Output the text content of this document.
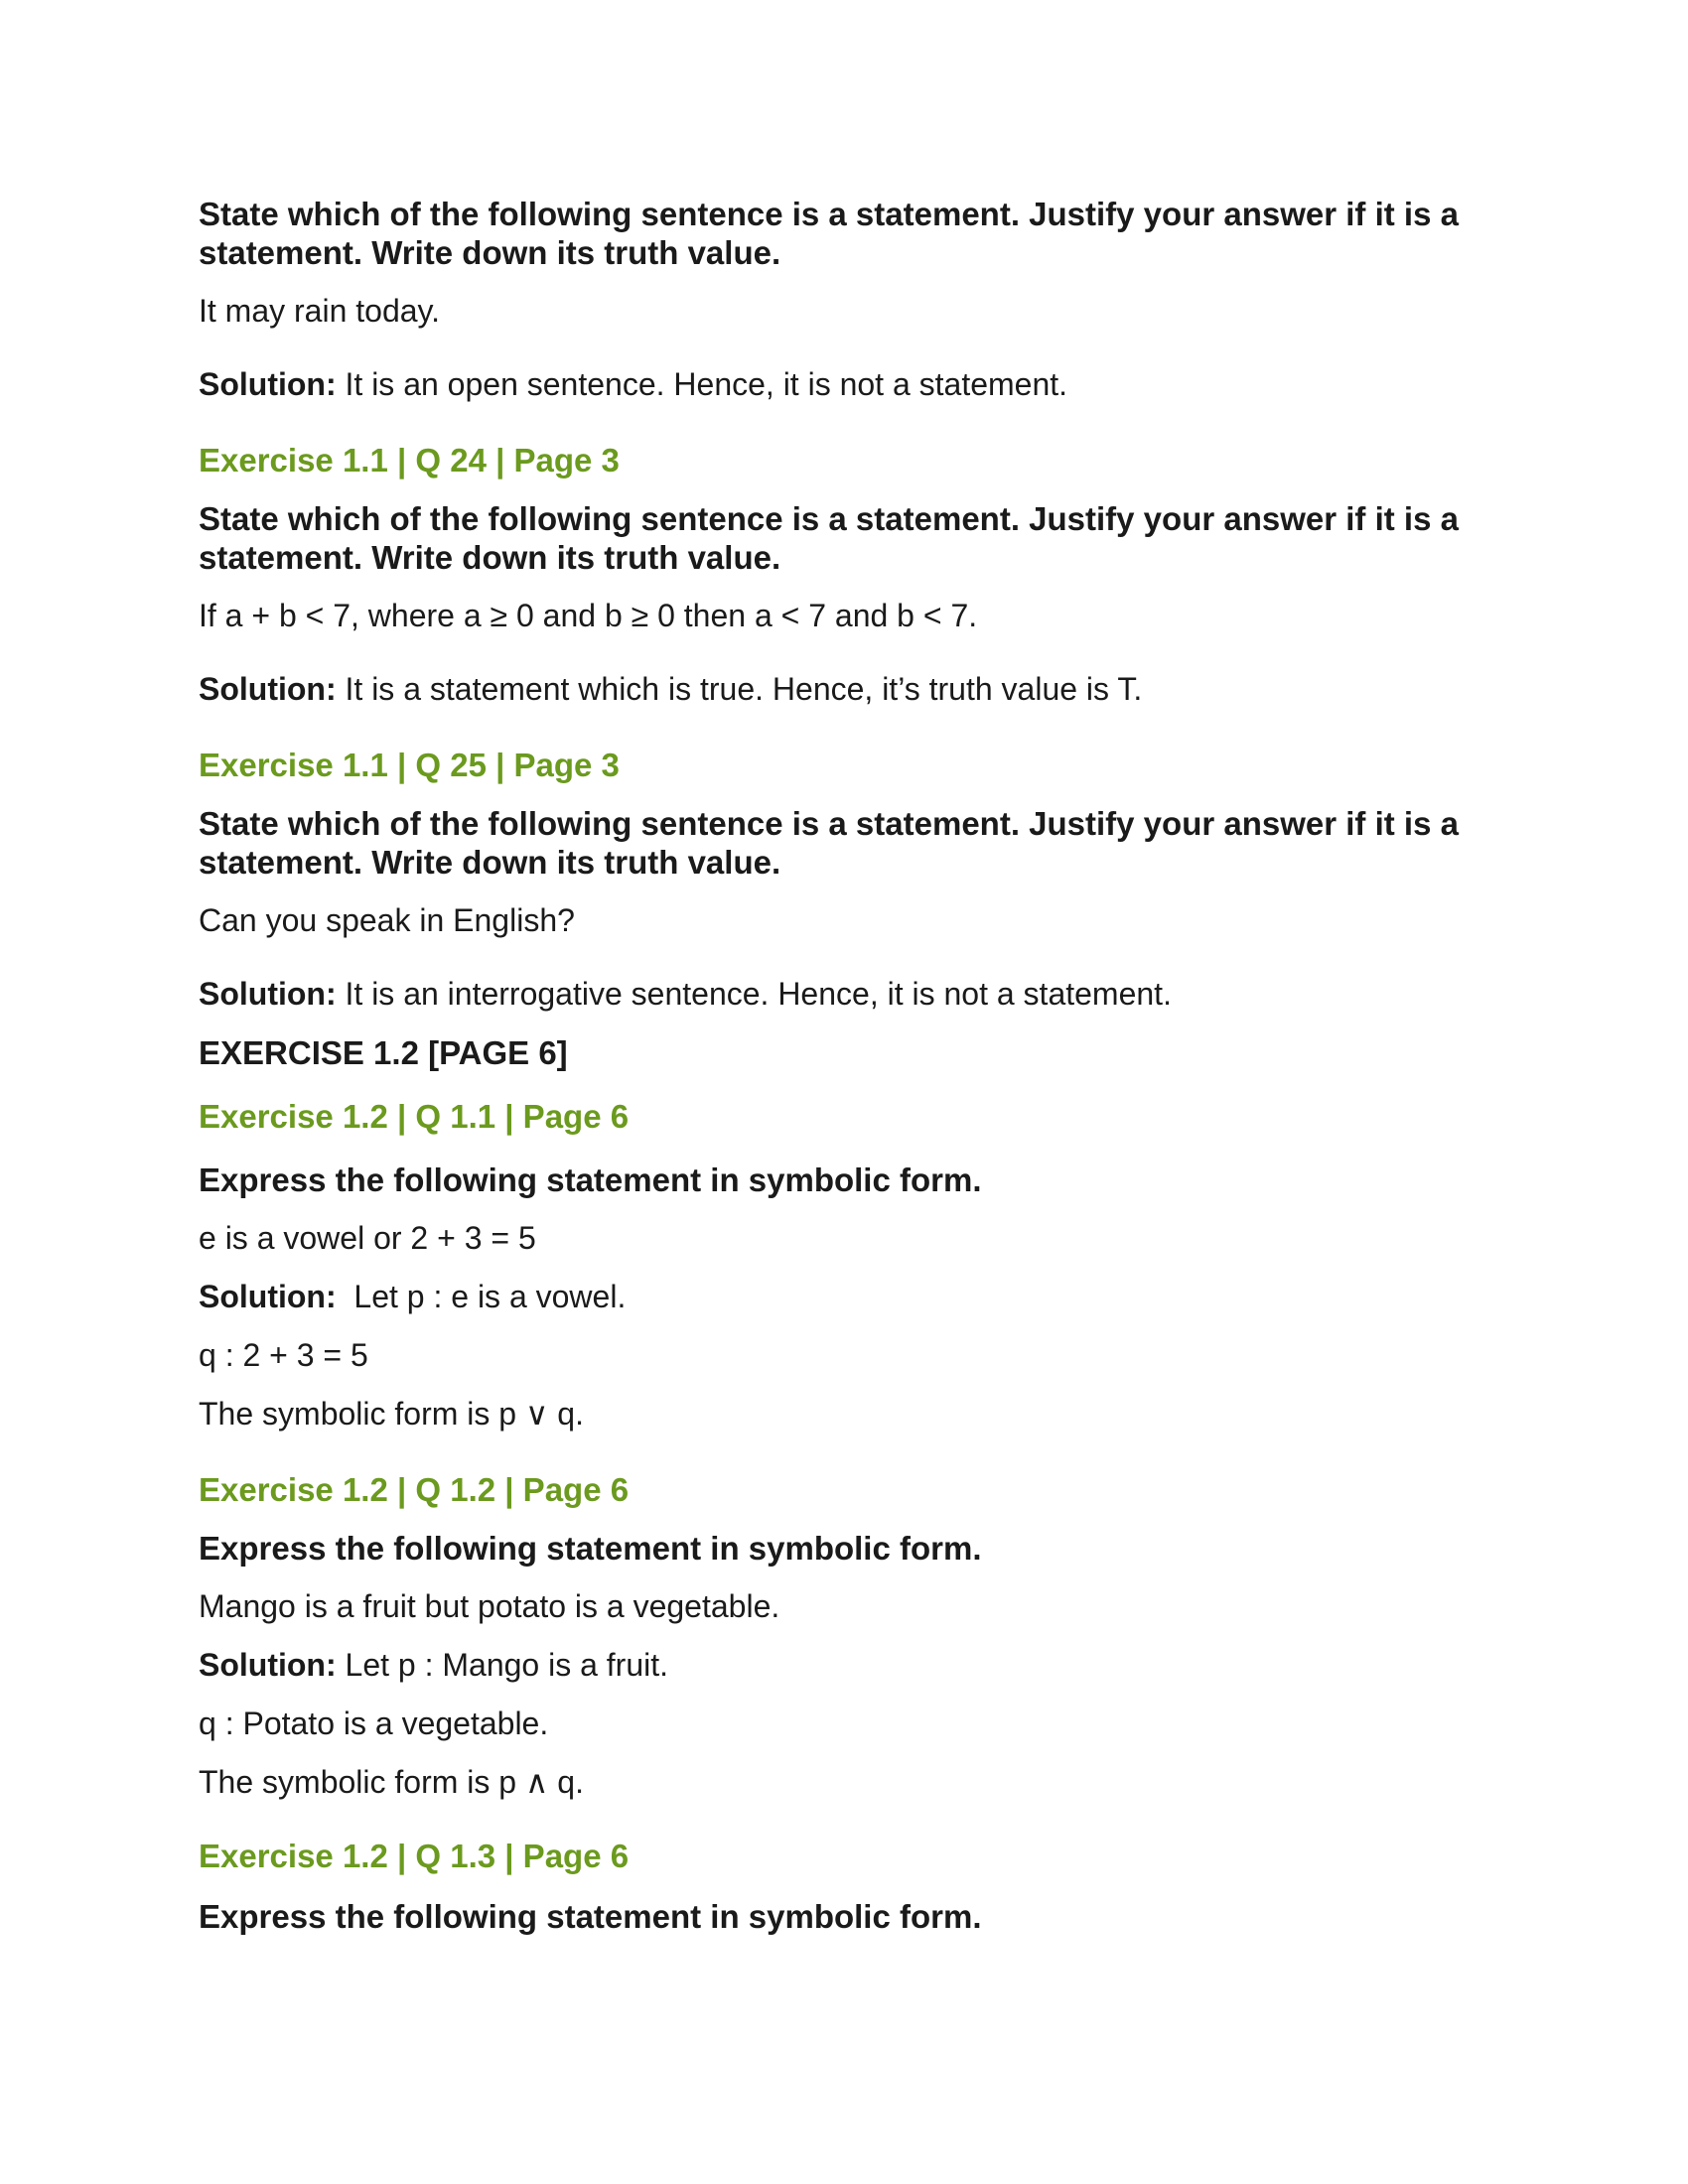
State which of the following sentence is a statement. Justify your answer if it is a statement. Write down its truth value.

It may rain today.

Solution: It is an open sentence. Hence, it is not a statement.

Exercise 1.1 | Q 24 | Page 3

State which of the following sentence is a statement. Justify your answer if it is a statement. Write down its truth value.

If a + b < 7, where a ≥ 0 and b ≥ 0 then a < 7 and b < 7.

Solution: It is a statement which is true. Hence, it’s truth value is T.

Exercise 1.1 | Q 25 | Page 3

State which of the following sentence is a statement. Justify your answer if it is a statement. Write down its truth value.

Can you speak in English?

Solution: It is an interrogative sentence. Hence, it is not a statement.

EXERCISE 1.2 [PAGE 6]

Exercise 1.2 | Q 1.1 | Page 6

Express the following statement in symbolic form.

e is a vowel or 2 + 3 = 5

Solution:  Let p : e is a vowel.

q : 2 + 3 = 5

The symbolic form is p ∨ q.

Exercise 1.2 | Q 1.2 | Page 6

Express the following statement in symbolic form.

Mango is a fruit but potato is a vegetable.

Solution: Let p : Mango is a fruit.

q : Potato is a vegetable.

The symbolic form is p ∧ q.

Exercise 1.2 | Q 1.3 | Page 6

Express the following statement in symbolic form.
